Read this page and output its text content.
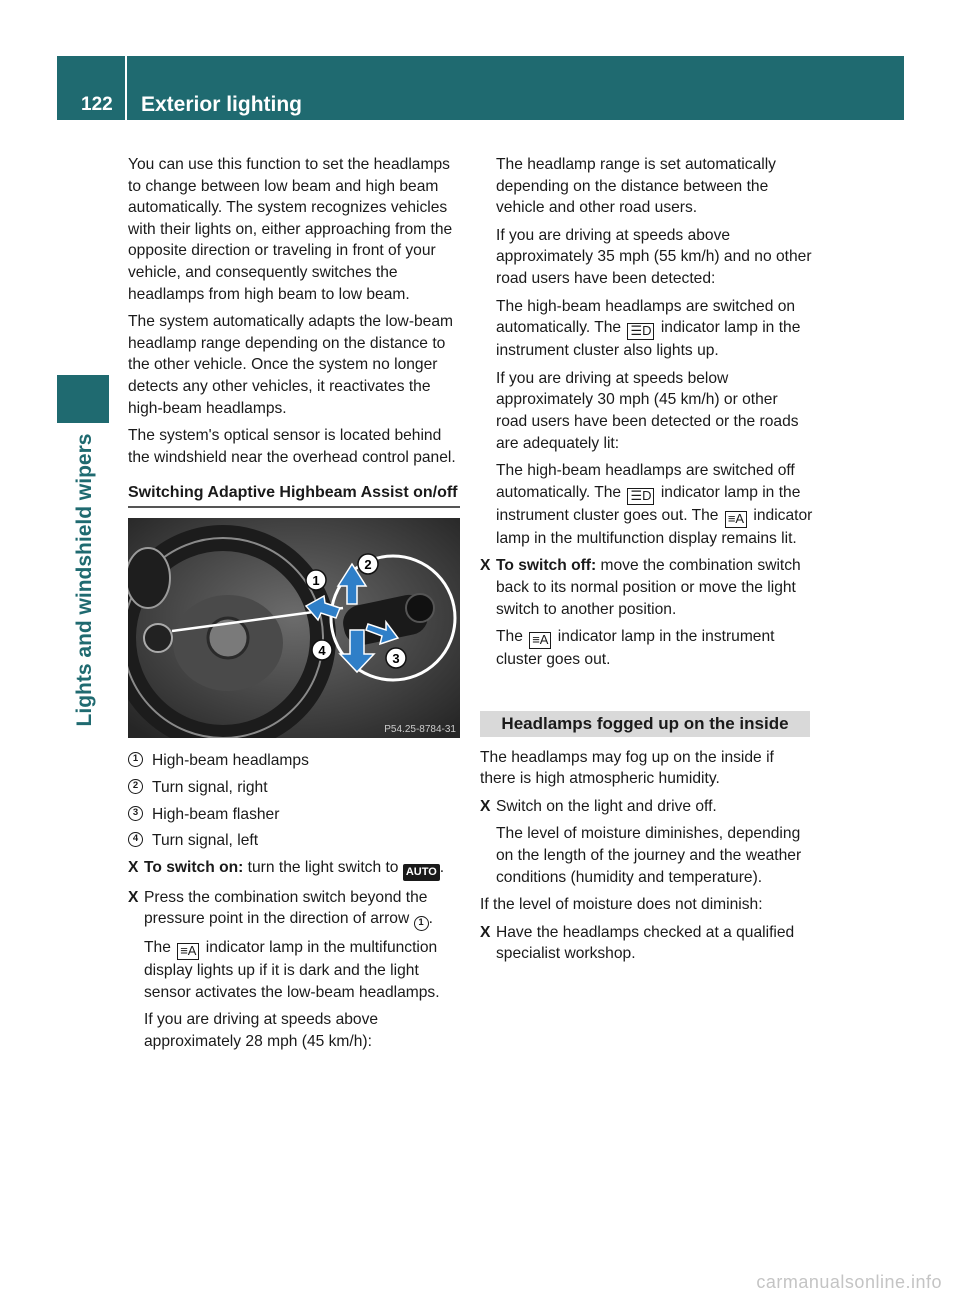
122 Exterior lighting
Lights and windshield wipers

You can use this function to set the headlamps to change between low beam and high beam automatically. The system recognizes vehicles with their lights on, either approaching from the opposite direction or traveling in front of your vehicle, and consequently switches the headlamps from high beam to low beam.

The system automatically adapts the low-beam headlamp range depending on the distance to the other vehicle. Once the system no longer detects any other vehicles, it reactivates the high-beam headlamps.

The system's optical sensor is located behind the windshield near the overhead control panel.

Switching Adaptive Highbeam Assist on/off
1
2
3
4
P54.25-8784-31
1 High-beam headlamps
2 Turn signal, right
3 High-beam flasher
4 Turn signal, left
X To switch on: turn the light switch to AUTO .

X Press the combination switch beyond the pressure point in the direction of arrow 1 .

The ≡A indicator lamp in the multifunction display lights up if it is dark and the light sensor activates the low-beam headlamps.

If you are driving at speeds above approximately 28 mph (45 km/h):

The headlamp range is set automatically depending on the distance between the vehicle and other road users.

If you are driving at speeds above approximately 35 mph (55 km/h) and no other road users have been detected:

The high-beam headlamps are switched on automatically. The ☰D indicator lamp in the instrument cluster also lights up.

If you are driving at speeds below approximately 30 mph (45 km/h) or other road users have been detected or the roads are adequately lit:

The high-beam headlamps are switched off automatically. The ☰D indicator lamp in the instrument cluster goes out. The ≡A indicator lamp in the multifunction display remains lit.

X To switch off: move the combination switch back to its normal position or move the light switch to another position.

The ≡A indicator lamp in the instrument cluster goes out.

Headlamps fogged up on the inside

The headlamps may fog up on the inside if there is high atmospheric humidity.

X Switch on the light and drive off.

The level of moisture diminishes, depending on the length of the journey and the weather conditions (humidity and temperature).

If the level of moisture does not diminish:

X Have the headlamps checked at a qualified specialist workshop.

carmanualsonline.info
